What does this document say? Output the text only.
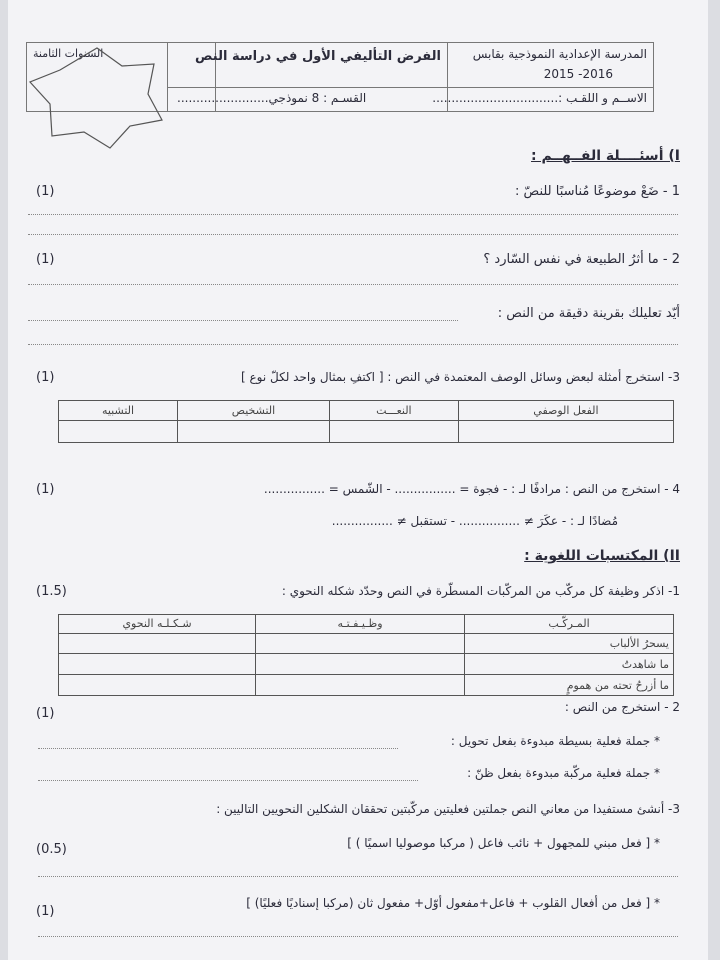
المدرسة الإعدادية النموذجية بقابس
2015 -2016
الفرض التأليفي الأول في دراسة النص
السنوات الثامنة
الاســم و اللقـب :.................................
القسـم : 8 نموذجي........................
I) أسئــــلة الفــهــم :
1 - ضَعْ موضوعًا مُناسبًا للنصّ :
(1)
2 - ما أثرُ الطبيعة في نفس السّارد ؟
(1)
أيّد تعليلك بقرينة دقيقة من النص :
3- استخرج أمثلة لبعض وسائل الوصف المعتمدة في النص : [ اكتفِ بمثال واحد لكلّ نوع ]
(1)
الفعل الوصفي	النعـــت	التشخيص	التشبيه

4 - استخرج من النص : مرادفًا لـ : - فجوة = ................ - الشّمس = ................
(1)
مُضادًا لـ : - عكَرَ ≠ ................ - تستقبل ≠ ................
II) المكتسبات اللغوية :
1- اذكر وظيفة كل مركّب من المركّبات المسطّرة في النص وحدّد شكله النحوي :
(1.5)
المـركّـب	وظـيـفـتـه	شـكـلـه النحوي
يسحرُ الألباب		
ما شاهدتُ		
ما أزرحُ تحته من همومٍ		
2 - استخرج من النص :
(1)
* جملة فعلية بسيطة مبدوءة بفعل تحويل :
* جملة فعلية مركّبة مبدوءة بفعل ظنّ :
3- أنشئ مستفيدا من معاني النص جملتين فعليتين مركّبتين تحققان الشكلين النحويين التاليين :
* [ فعل مبني للمجهول + نائب فاعل ( مركبا موصوليا اسميًا ) ]
(0.5)
* [ فعل من أفعال القلوب + فاعل+مفعول أوّل+ مفعول ثان (مركبا إسناديًا فعليًا) ]
(1)
